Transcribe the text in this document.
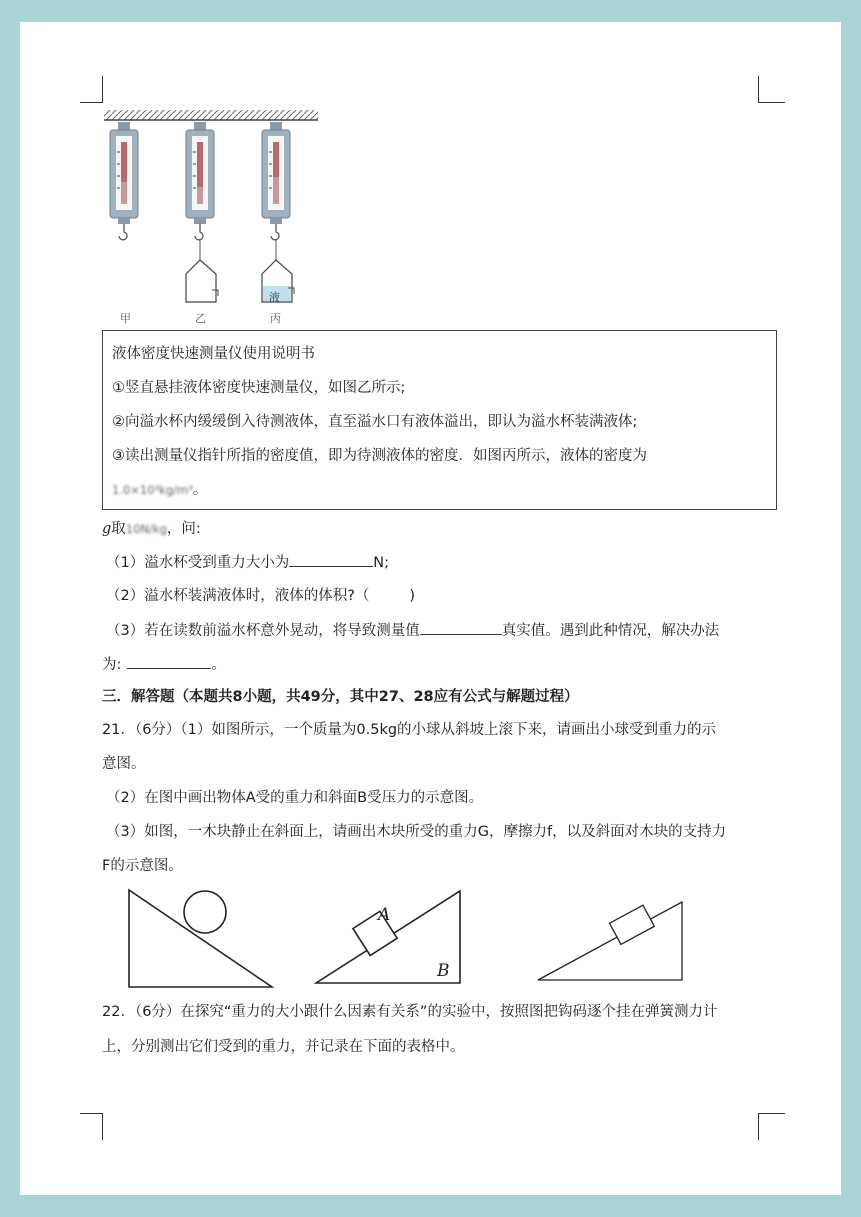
液
甲	乙	丙
液体密度快速测量仪使用说明书
①竖直悬挂液体密度快速测量仪，如图乙所示;
②向溢水杯内缓缓倒入待测液体，直至溢水口有液体溢出，即认为溢水杯装满液体;
③读出测量仪指针所指的密度值，即为待测液体的密度．如图丙所示，液体的密度为
1.0×10³kg/m³。
g取10N/kg，问:
（1）溢水杯受到重力大小为	N;
（2）溢水杯装满液体时，液体的体积?（	)
（3）若在读数前溢水杯意外晃动，将导致测量值	真实值。遇到此种情况，解决办法
为:	。
三．解答题（本题共8小题，共49分，其中27、28应有公式与解题过程）
21．（6分）（1）如图所示，一个质量为0.5kg的小球从斜坡上滚下来，请画出小球受到重力的示
意图。
（2）在图中画出物体A受的重力和斜面B受压力的示意图。
（3）如图，一木块静止在斜面上，请画出木块所受的重力G，摩擦力f，以及斜面对木块的支持力
F的示意图。
A
B
22．（6分）在探究“重力的大小跟什么因素有关系”的实验中，按照图把钩码逐个挂在弹簧测力计
上，分别测出它们受到的重力，并记录在下面的表格中。
